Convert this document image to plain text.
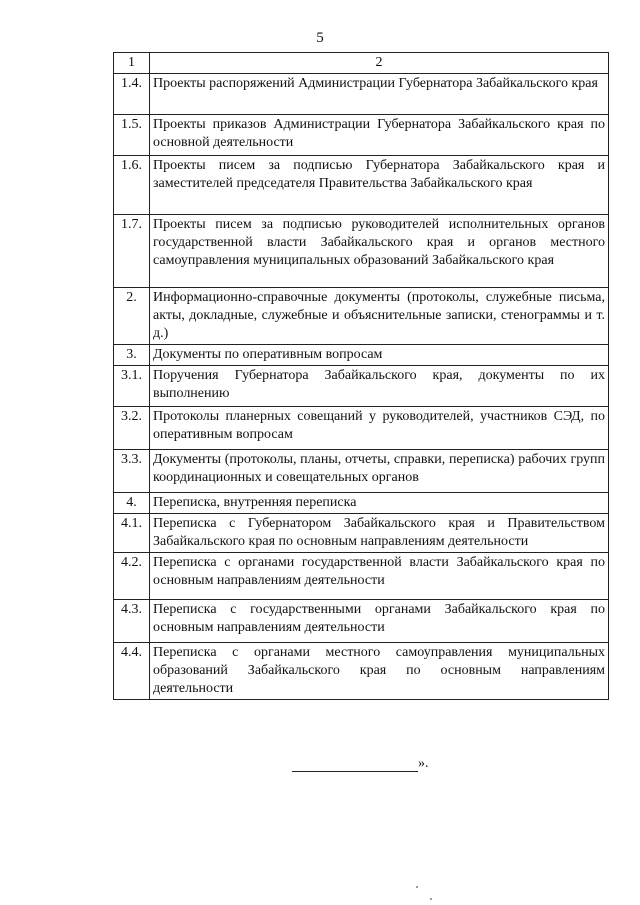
5
1	2
1.4.	Проекты распоряжений Администрации Губернатора Забайкальского края
1.5.	Проекты приказов Администрации Губернатора Забайкальского края по основной деятельности
1.6.	Проекты писем за подписью Губернатора Забайкальского края и заместителей председателя Правительства Забайкальского края
1.7.	Проекты писем за подписью руководителей исполнительных органов государственной власти Забайкальского края и органов местного самоуправления муниципальных образований Забайкальского края
2.	Информационно-справочные документы (протоколы, служебные письма, акты, докладные, служебные и объяснительные записки, стенограммы и т. д.)
3.	Документы по оперативным вопросам
3.1.	Поручения Губернатора Забайкальского края, документы по их выполнению
3.2.	Протоколы планерных совещаний у руководителей, участников СЭД, по оперативным вопросам
3.3.	Документы (протоколы, планы, отчеты, справки, переписка) рабочих групп координационных и совещательных органов
4.	Переписка, внутренняя переписка
4.1.	Переписка с Губернатором Забайкальского края и Правительством Забайкальского края по основным направлениям деятельности
4.2.	Переписка с органами государственной власти Забайкальского края по основным направлениям деятельности
4.3.	Переписка с государственными органами Забайкальского края по основным направлениям деятельности
4.4.	Переписка с органами местного самоуправления муниципальных образований Забайкальского края по основным направлениям деятельности
».
